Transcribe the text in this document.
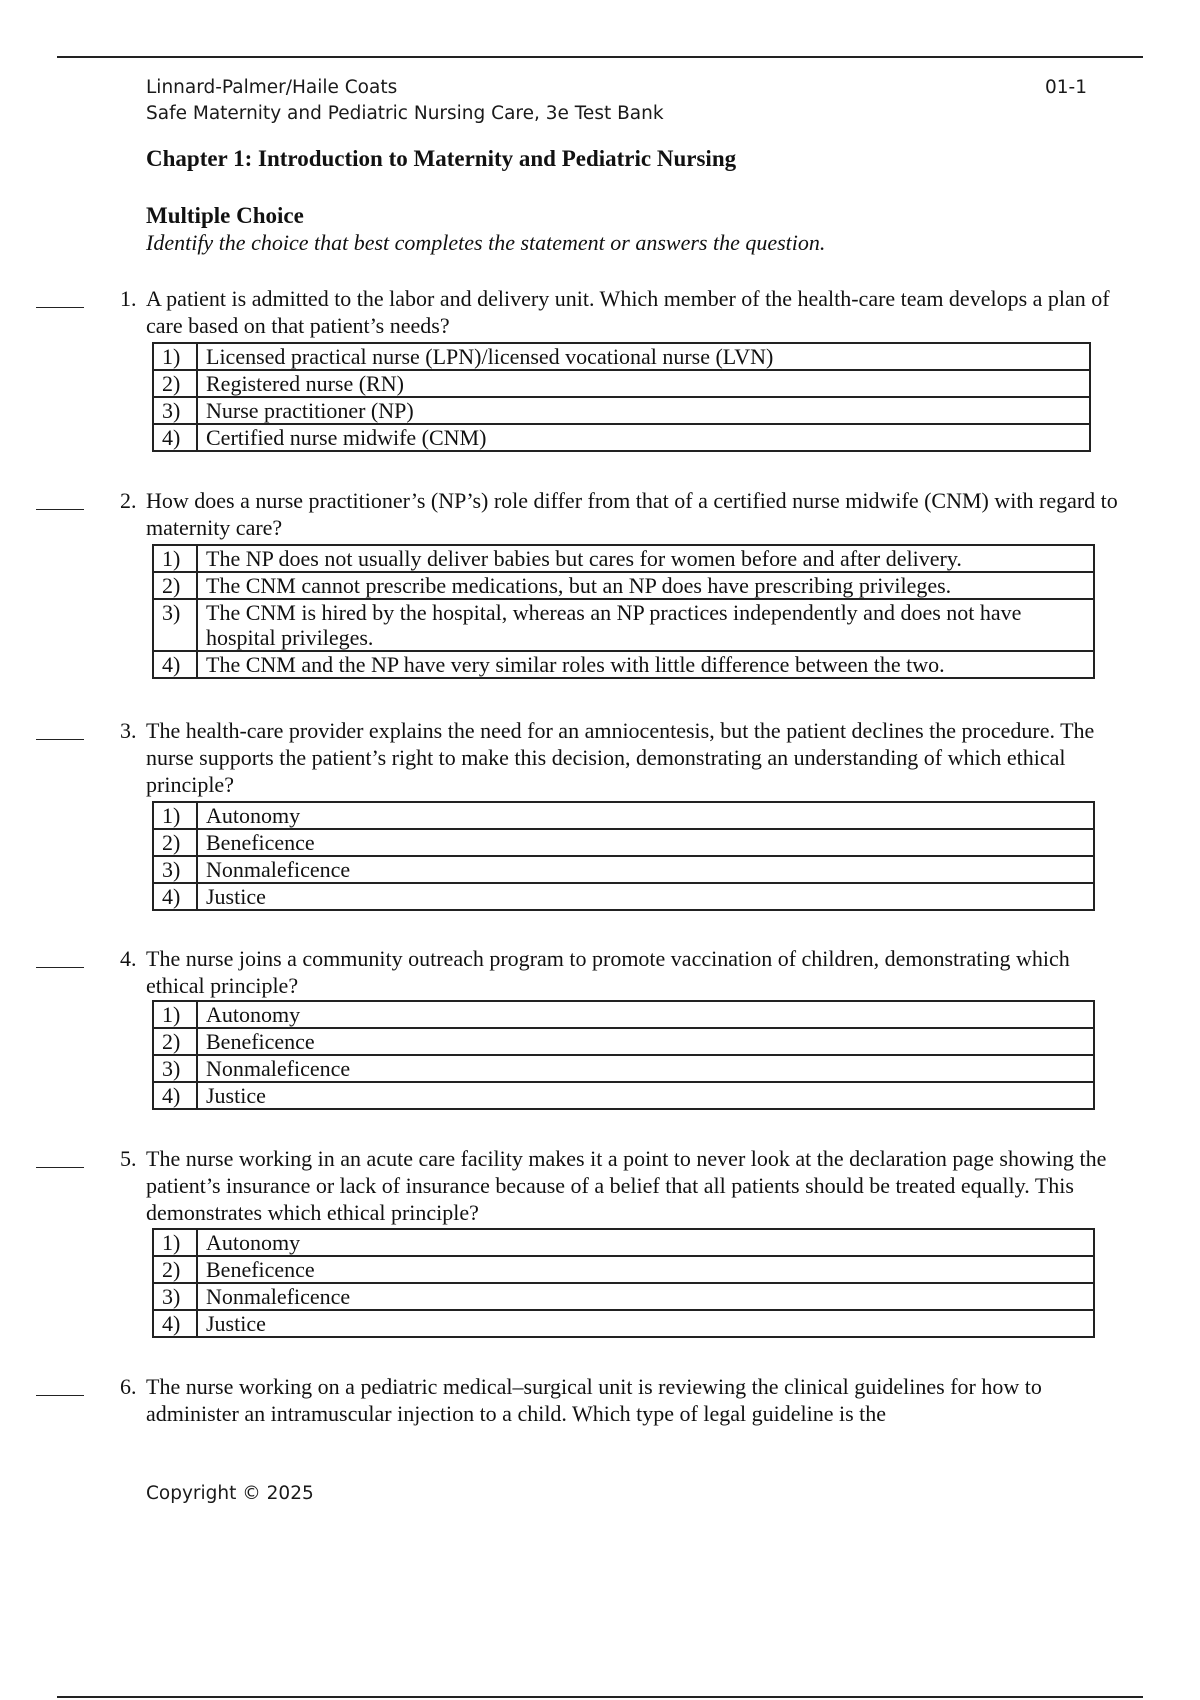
Linnard-Palmer/Haile Coats
Safe Maternity and Pediatric Nursing Care, 3e Test Bank
01-1
Chapter 1: Introduction to Maternity and Pediatric Nursing
Multiple Choice
Identify the choice that best completes the statement or answers the question.
1. A patient is admitted to the labor and delivery unit. Which member of the health-care team develops a plan of care based on that patient’s needs?
1)	Licensed practical nurse (LPN)/licensed vocational nurse (LVN)
2)	Registered nurse (RN)
3)	Nurse practitioner (NP)
4)	Certified nurse midwife (CNM)
2. How does a nurse practitioner’s (NP’s) role differ from that of a certified nurse midwife (CNM) with regard to maternity care?
1)	The NP does not usually deliver babies but cares for women before and after delivery.
2)	The CNM cannot prescribe medications, but an NP does have prescribing privileges.
3)	The CNM is hired by the hospital, whereas an NP practices independently and does not have hospital privileges.
4)	The CNM and the NP have very similar roles with little difference between the two.
3. The health-care provider explains the need for an amniocentesis, but the patient declines the procedure. The nurse supports the patient’s right to make this decision, demonstrating an understanding of which ethical principle?
1)	Autonomy
2)	Beneficence
3)	Nonmaleficence
4)	Justice
4. The nurse joins a community outreach program to promote vaccination of children, demonstrating which ethical principle?
1)	Autonomy
2)	Beneficence
3)	Nonmaleficence
4)	Justice
5. The nurse working in an acute care facility makes it a point to never look at the declaration page showing the patient’s insurance or lack of insurance because of a belief that all patients should be treated equally. This demonstrates which ethical principle?
1)	Autonomy
2)	Beneficence
3)	Nonmaleficence
4)	Justice
6. The nurse working on a pediatric medical–surgical unit is reviewing the clinical guidelines for how to administer an intramuscular injection to a child. Which type of legal guideline is the
Copyright © 2025
